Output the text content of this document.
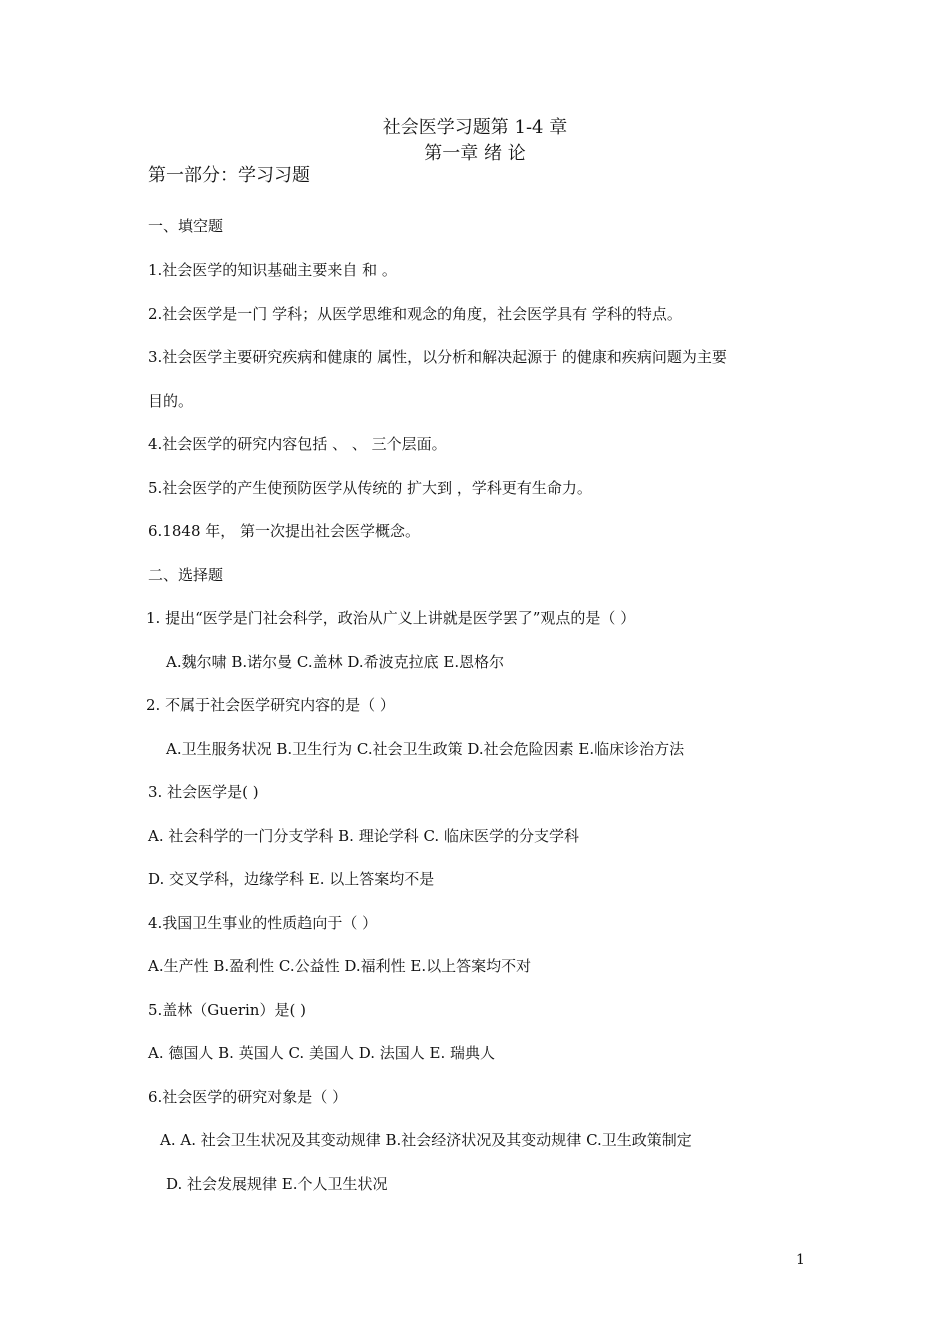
社会医学习题第 1-4 章
第一章 绪 论
第一部分：学习习题
一、填空题
1.社会医学的知识基础主要来自 和 。
2.社会医学是一门 学科；从医学思维和观念的角度，社会医学具有 学科的特点。
3.社会医学主要研究疾病和健康的 属性，以分析和解决起源于 的健康和疾病问题为主要
目的。
4.社会医学的研究内容包括 、 、 三个层面。
5.社会医学的产生使预防医学从传统的 扩大到 ，学科更有生命力。
6.1848 年， 第一次提出社会医学概念。
二、选择题
1. 提出“医学是门社会科学，政治从广义上讲就是医学罢了”观点的是（ ）
A.魏尔啸 B.诺尔曼 C.盖林 D.希波克拉底 E.恩格尔
2. 不属于社会医学研究内容的是（ ）
A.卫生服务状况 B.卫生行为 C.社会卫生政策 D.社会危险因素 E.临床诊治方法
3. 社会医学是( )
A. 社会科学的一门分支学科 B. 理论学科 C. 临床医学的分支学科
D. 交叉学科，边缘学科 E. 以上答案均不是
4.我国卫生事业的性质趋向于（ ）
A.生产性 B.盈利性 C.公益性 D.福利性 E.以上答案均不对
5.盖林（Guerin）是( )
A. 德国人 B. 英国人 C. 美国人 D. 法国人 E. 瑞典人
6.社会医学的研究对象是（ ）
A. A. 社会卫生状况及其变动规律 B.社会经济状况及其变动规律 C.卫生政策制定
D. 社会发展规律 E.个人卫生状况
1
